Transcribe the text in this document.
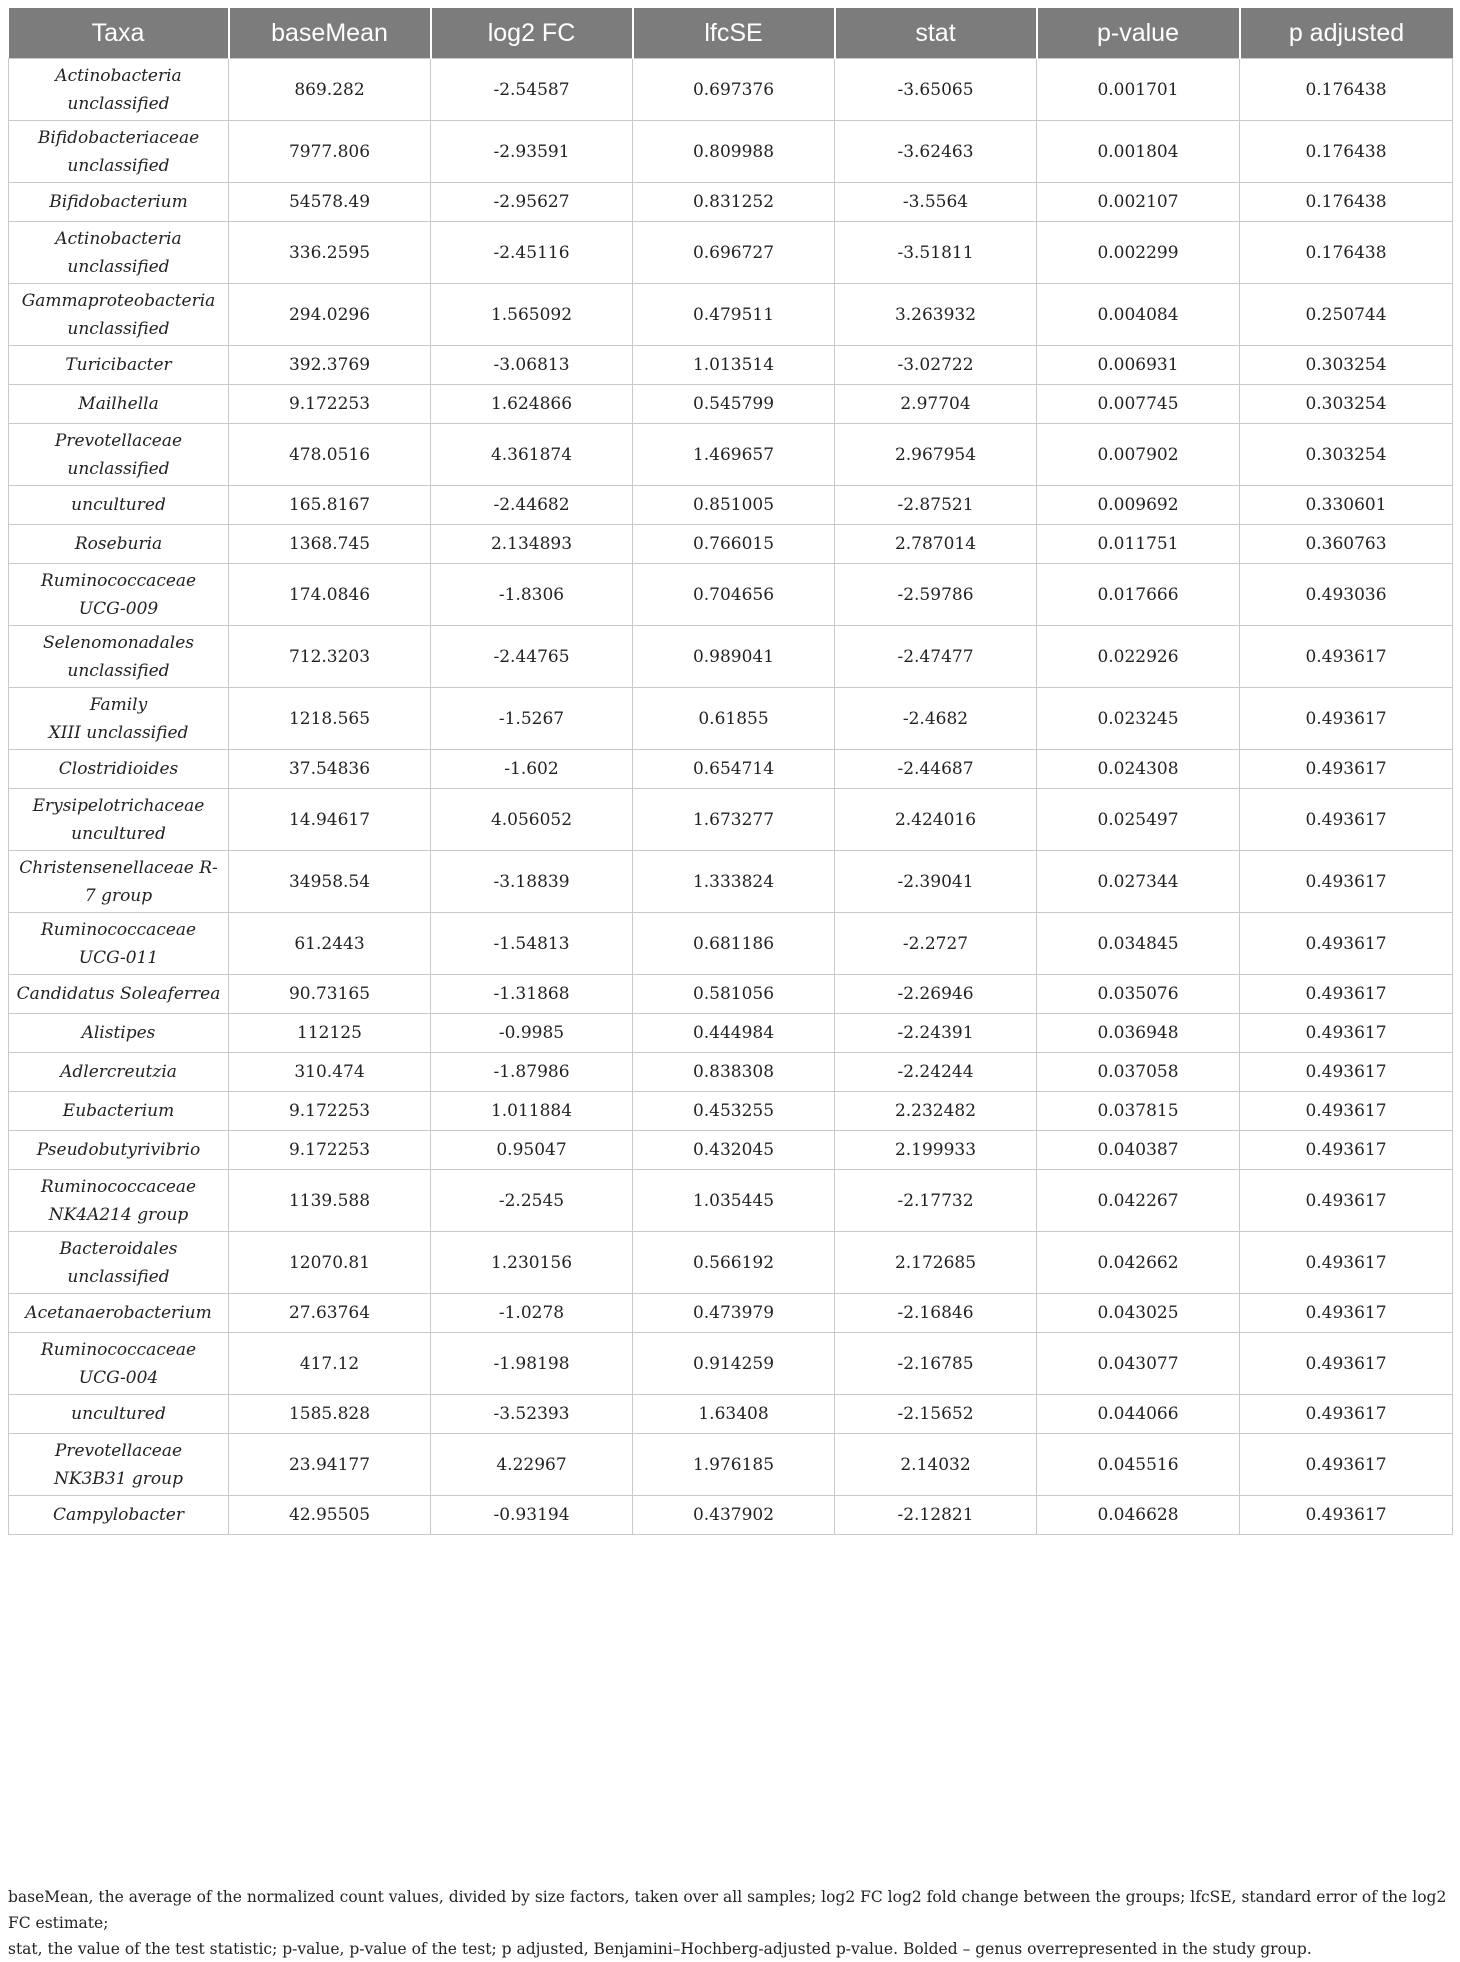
Taxa	baseMean	log2 FC	lfcSE	stat	p-value	p adjusted

Actinobacteria
unclassified	869.282	-2.54587	0.697376	-3.65065	0.001701	0.176438

Bifidobacteriaceae
unclassified	7977.806	-2.93591	0.809988	-3.62463	0.001804	0.176438

Bifidobacterium	54578.49	-2.95627	0.831252	-3.5564	0.002107	0.176438

Actinobacteria
unclassified	336.2595	-2.45116	0.696727	-3.51811	0.002299	0.176438

Gammaproteobacteria
unclassified	294.0296	1.565092	0.479511	3.263932	0.004084	0.250744

Turicibacter	392.3769	-3.06813	1.013514	-3.02722	0.006931	0.303254

Mailhella	9.172253	1.624866	0.545799	2.97704	0.007745	0.303254

Prevotellaceae
unclassified	478.0516	4.361874	1.469657	2.967954	0.007902	0.303254

uncultured	165.8167	-2.44682	0.851005	-2.87521	0.009692	0.330601

Roseburia	1368.745	2.134893	0.766015	2.787014	0.011751	0.360763

Ruminococcaceae
UCG-009	174.0846	-1.8306	0.704656	-2.59786	0.017666	0.493036

Selenomonadales
unclassified	712.3203	-2.44765	0.989041	-2.47477	0.022926	0.493617

Family
XIII unclassified	1218.565	-1.5267	0.61855	-2.4682	0.023245	0.493617

Clostridioides	37.54836	-1.602	0.654714	-2.44687	0.024308	0.493617

Erysipelotrichaceae
uncultured	14.94617	4.056052	1.673277	2.424016	0.025497	0.493617

Christensenellaceae R-
7 group	34958.54	-3.18839	1.333824	-2.39041	0.027344	0.493617

Ruminococcaceae
UCG-011	61.2443	-1.54813	0.681186	-2.2727	0.034845	0.493617

Candidatus Soleaferrea	90.73165	-1.31868	0.581056	-2.26946	0.035076	0.493617

Alistipes	112125	-0.9985	0.444984	-2.24391	0.036948	0.493617

Adlercreutzia	310.474	-1.87986	0.838308	-2.24244	0.037058	0.493617

Eubacterium	9.172253	1.011884	0.453255	2.232482	0.037815	0.493617

Pseudobutyrivibrio	9.172253	0.95047	0.432045	2.199933	0.040387	0.493617

Ruminococcaceae
NK4A214 group	1139.588	-2.2545	1.035445	-2.17732	0.042267	0.493617

Bacteroidales
unclassified	12070.81	1.230156	0.566192	2.172685	0.042662	0.493617

Acetanaerobacterium	27.63764	-1.0278	0.473979	-2.16846	0.043025	0.493617

Ruminococcaceae
UCG-004	417.12	-1.98198	0.914259	-2.16785	0.043077	0.493617

uncultured	1585.828	-3.52393	1.63408	-2.15652	0.044066	0.493617

Prevotellaceae
NK3B31 group	23.94177	4.22967	1.976185	2.14032	0.045516	0.493617

Campylobacter	42.95505	-0.93194	0.437902	-2.12821	0.046628	0.493617
baseMean, the average of the normalized count values, divided by size factors, taken over all samples; log2 FC log2 fold change between the groups; lfcSE, standard error of the log2 FC estimate;
stat, the value of the test statistic; p-value, p-value of the test; p adjusted, Benjamini–Hochberg-adjusted p-value. Bolded – genus overrepresented in the study group.
